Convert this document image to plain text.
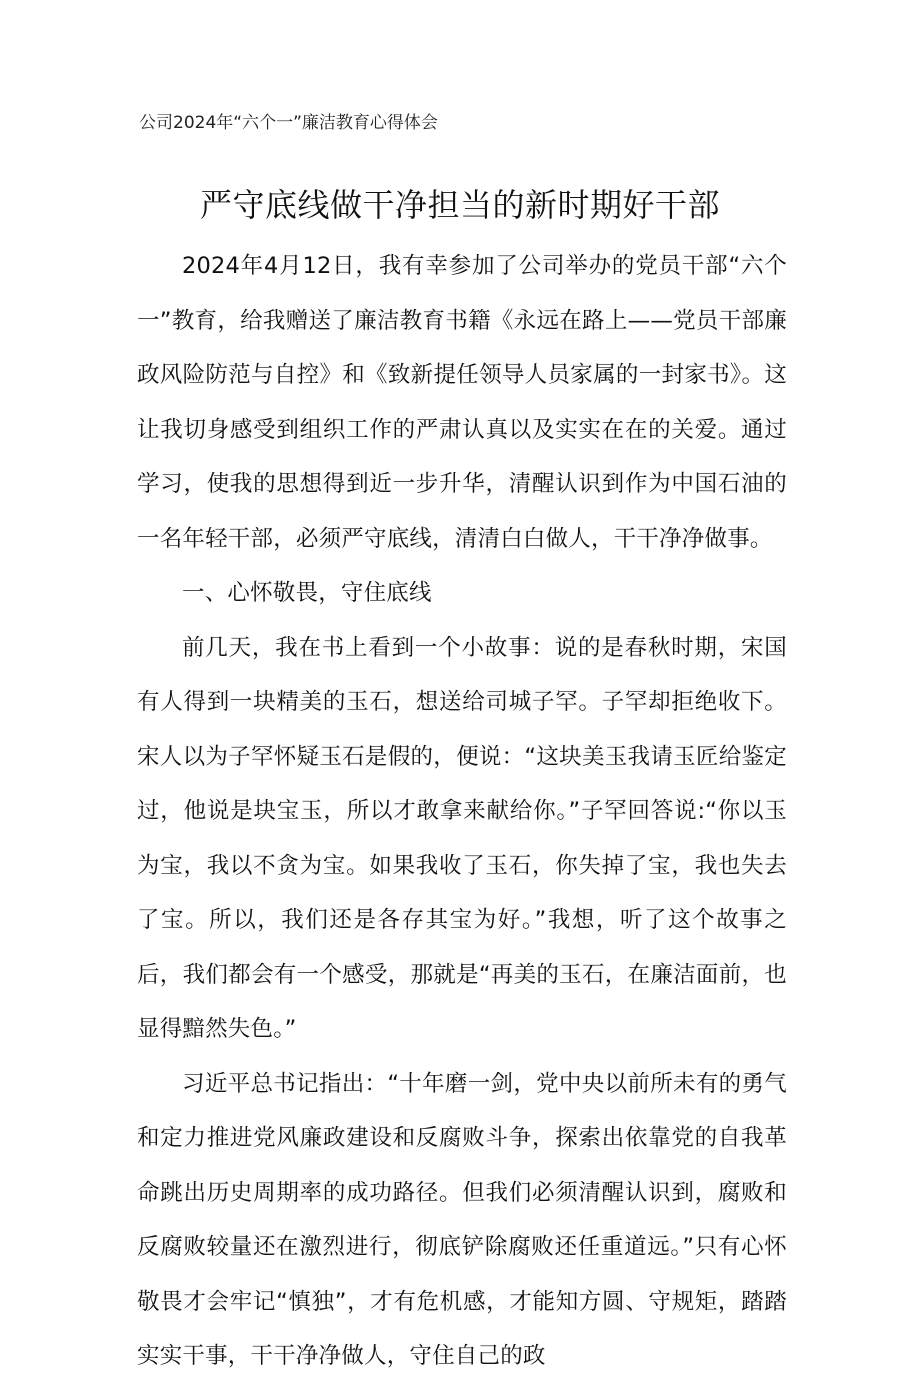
公司2024年“六个一”廉洁教育心得体会
严守底线做干净担当的新时期好干部

2024年4月12日，我有幸参加了公司举办的党员干部“六个一”教育，给我赠送了廉洁教育书籍《永远在路上——党员干部廉政风险防范与自控》和《致新提任领导人员家属的一封家书》。这让我切身感受到组织工作的严肃认真以及实实在在的关爱。通过学习，使我的思想得到近一步升华，清醒认识到作为中国石油的一名年轻干部，必须严守底线，清清白白做人，干干净净做事。

一、心怀敬畏，守住底线

前几天，我在书上看到一个小故事：说的是春秋时期，宋国有人得到一块精美的玉石，想送给司城子罕。子罕却拒绝收下。宋人以为子罕怀疑玉石是假的，便说：“这块美玉我请玉匠给鉴定过，他说是块宝玉，所以才敢拿来献给你。”子罕回答说:“你以玉为宝，我以不贪为宝。如果我收了玉石，你失掉了宝，我也失去了宝。所以，我们还是各存其宝为好。”我想，听了这个故事之后，我们都会有一个感受，那就是“再美的玉石，在廉洁面前，也显得黯然失色。”

习近平总书记指出：“十年磨一剑，党中央以前所未有的勇气和定力推进党风廉政建设和反腐败斗争，探索出依靠党的自我革命跳出历史周期率的成功路径。但我们必须清醒认识到，腐败和反腐败较量还在激烈进行，彻底铲除腐败还任重道远。”只有心怀敬畏才会牢记“慎独”，才有危机感，才能知方圆、守规矩，踏踏实实干事，干干净净做人，守住自己的政
